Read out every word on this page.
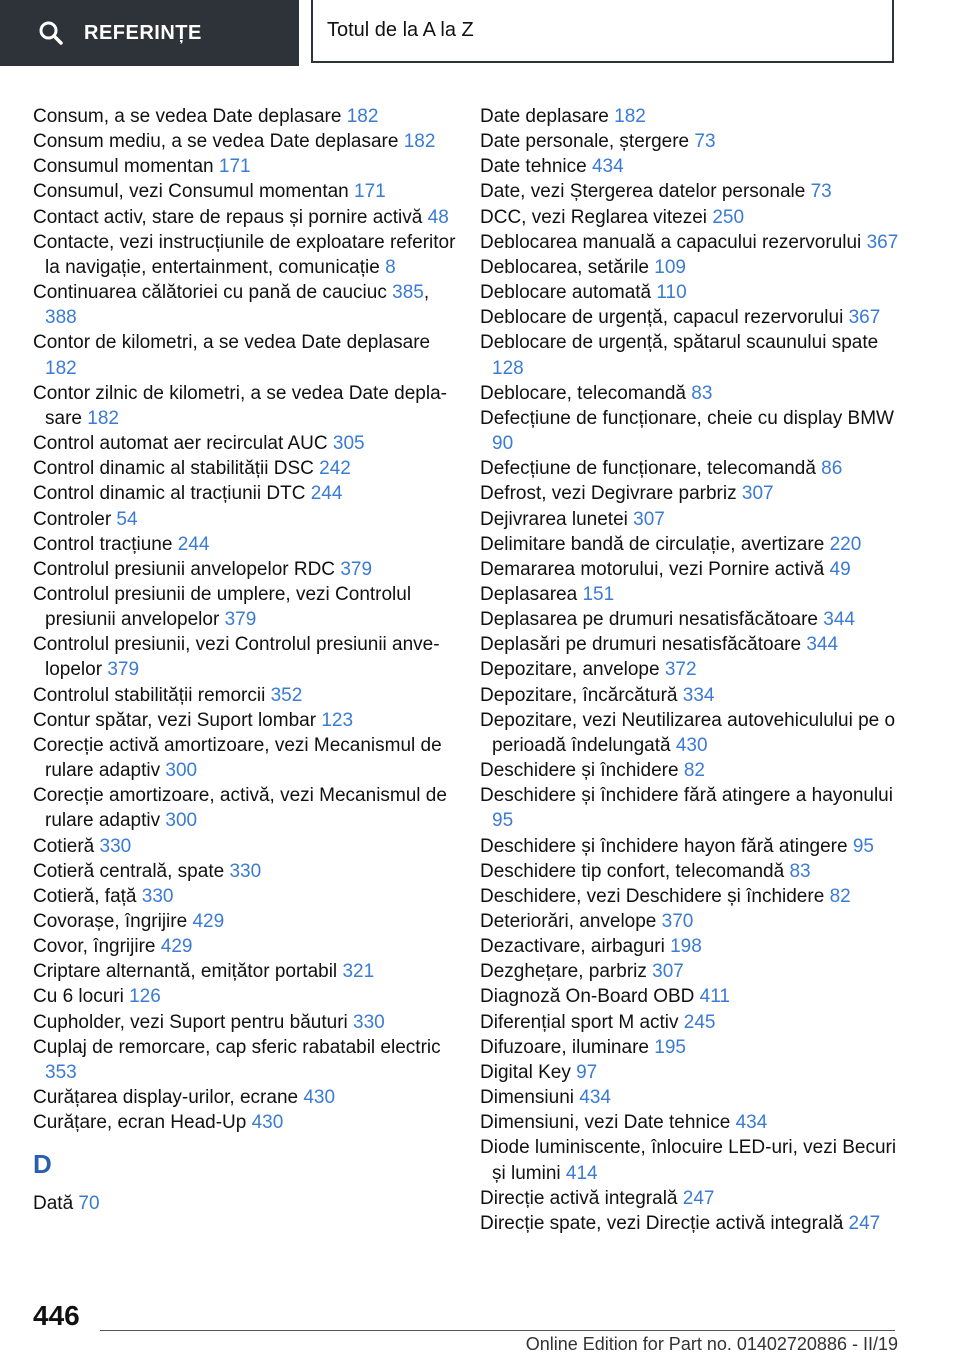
REFERINȚE	Totul de la A la Z
Consum, a se vedea Date deplasare 182
Consum mediu, a se vedea Date deplasare 182
Consumul momentan 171
Consumul, vezi Consumul momentan 171
Contact activ, stare de repaus și pornire activă 48
Contacte, vezi instrucțiunile de exploatare referitor la navigație, entertainment, comunicație 8
Continuarea călătoriei cu pană de cauciuc 385, 388
Contor de kilometri, a se vedea Date deplasare 182
Contor zilnic de kilometri, a se vedea Date deplasare 182
Control automat aer recirculat AUC 305
Control dinamic al stabilității DSC 242
Control dinamic al tracțiunii DTC 244
Controler 54
Control tracțiune 244
Controlul presiunii anvelopelor RDC 379
Controlul presiunii de umplere, vezi Controlul presiunii anvelopelor 379
Controlul presiunii, vezi Controlul presiunii anvelopelor 379
Controlul stabilității remorcii 352
Contur spătar, vezi Suport lombar 123
Corecție activă amortizoare, vezi Mecanismul de rulare adaptiv 300
Corecție amortizoare, activă, vezi Mecanismul de rulare adaptiv 300
Cotieră 330
Cotieră centrală, spate 330
Cotieră, față 330
Covorașe, îngrijire 429
Covor, îngrijire 429
Criptare alternantă, emițător portabil 321
Cu 6 locuri 126
Cupholder, vezi Suport pentru băuturi 330
Cuplaj de remorcare, cap sferic rabatabil electric 353
Curățarea display-urilor, ecrane 430
Curățare, ecran Head-Up 430
D
Dată 70
Date deplasare 182
Date personale, ștergere 73
Date tehnice 434
Date, vezi Ștergerea datelor personale 73
DCC, vezi Reglarea vitezei 250
Deblocarea manuală a capacului rezervorului 367
Deblocarea, setările 109
Deblocare automată 110
Deblocare de urgență, capacul rezervorului 367
Deblocare de urgență, spătarul scaunului spate 128
Deblocare, telecomandă 83
Defecțiune de funcționare, cheie cu display BMW 90
Defecțiune de funcționare, telecomandă 86
Defrost, vezi Degivrare parbriz 307
Dejivrarea lunetei 307
Delimitare bandă de circulație, avertizare 220
Demararea motorului, vezi Pornire activă 49
Deplasarea 151
Deplasarea pe drumuri nesatisfăcătoare 344
Deplasări pe drumuri nesatisfăcătoare 344
Depozitare, anvelope 372
Depozitare, încărcătură 334
Depozitare, vezi Neutilizarea autovehiculului pe o perioadă îndelungată 430
Deschidere și închidere 82
Deschidere și închidere fără atingere a hayonului 95
Deschidere și închidere hayon fără atingere 95
Deschidere tip confort, telecomandă 83
Deschidere, vezi Deschidere și închidere 82
Deteriorări, anvelope 370
Dezactivare, airbaguri 198
Dezghețare, parbriz 307
Diagnoză On-Board OBD 411
Diferențial sport M activ 245
Difuzoare, iluminare 195
Digital Key 97
Dimensiuni 434
Dimensiuni, vezi Date tehnice 434
Diode luminiscente, înlocuire LED-uri, vezi Becuri și lumini 414
Direcție activă integrală 247
Direcție spate, vezi Direcție activă integrală 247
446
Online Edition for Part no. 01402720886 - II/19
